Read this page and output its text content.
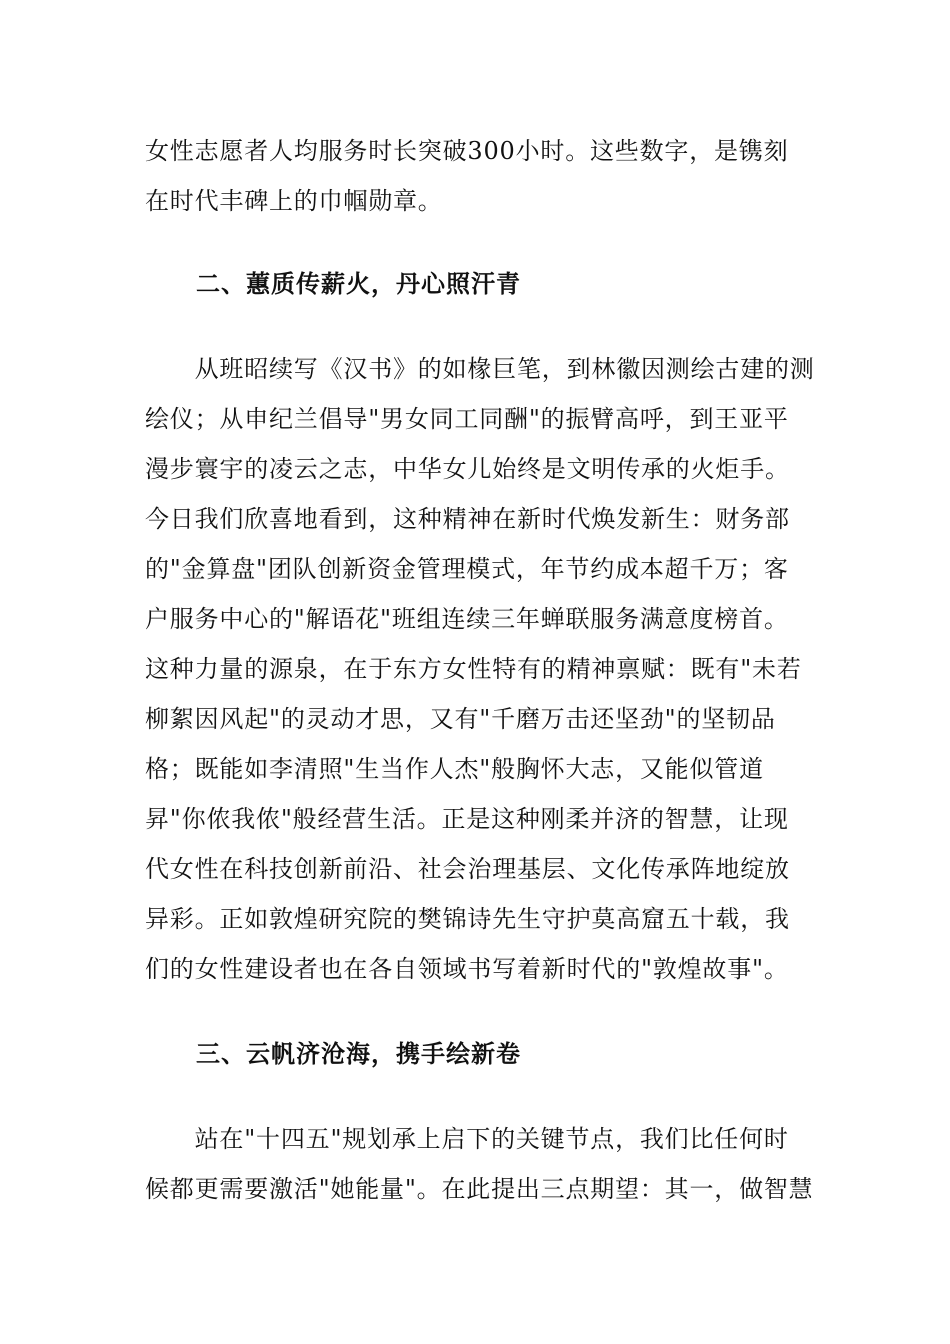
女性志愿者人均服务时长突破300小时。这些数字，是镌刻
在时代丰碑上的巾帼勋章。
二、蕙质传薪火，丹心照汗青
　　从班昭续写《汉书》的如椽巨笔，到林徽因测绘古建的测
绘仪；从申纪兰倡导"男女同工同酬"的振臂高呼，到王亚平
漫步寰宇的凌云之志，中华女儿始终是文明传承的火炬手。
今日我们欣喜地看到，这种精神在新时代焕发新生：财务部
的"金算盘"团队创新资金管理模式，年节约成本超千万；客
户服务中心的"解语花"班组连续三年蝉联服务满意度榜首。
这种力量的源泉，在于东方女性特有的精神禀赋：既有"未若
柳絮因风起"的灵动才思，又有"千磨万击还坚劲"的坚韧品
格；既能如李清照"生当作人杰"般胸怀大志，又能似管道
昇"你侬我侬"般经营生活。正是这种刚柔并济的智慧，让现
代女性在科技创新前沿、社会治理基层、文化传承阵地绽放
异彩。正如敦煌研究院的樊锦诗先生守护莫高窟五十载，我
们的女性建设者也在各自领域书写着新时代的"敦煌故事"。
三、云帆济沧海，携手绘新卷
　　站在"十四五"规划承上启下的关键节点，我们比任何时
候都更需要激活"她能量"。在此提出三点期望：其一，做智慧
